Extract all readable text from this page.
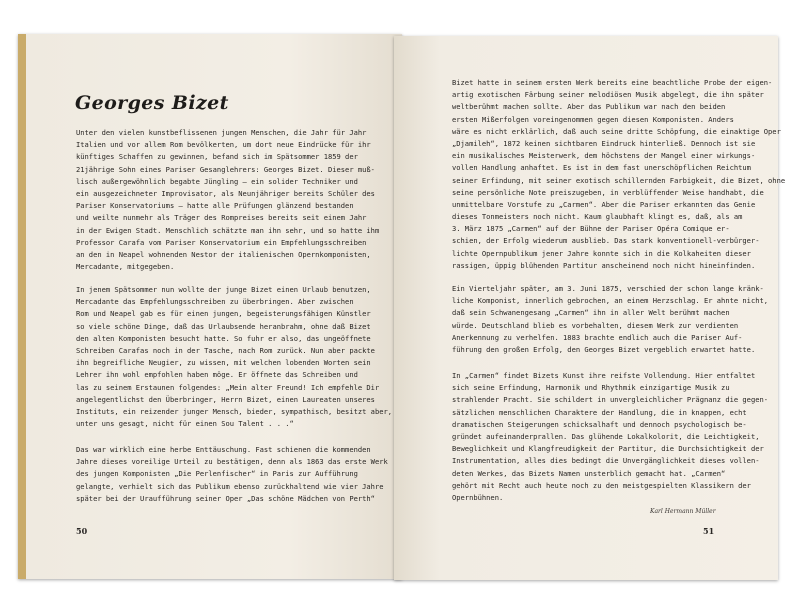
Georges Bizet
Unter den vielen kunstbeflissenen jungen Menschen, die Jahr für Jahr
Italien und vor allem Rom bevölkerten, um dort neue Eindrücke für ihr
künftiges Schaffen zu gewinnen, befand sich im Spätsommer 1859 der
21jährige Sohn eines Pariser Gesanglehrers: Georges Bizet. Dieser muß-
lisch außergewöhnlich begabte Jüngling — ein solider Techniker und
ein ausgezeichneter Improvisator, als Neunjähriger bereits Schüler des
Pariser Konservatoriums — hatte alle Prüfungen glänzend bestanden
und weilte nunmehr als Träger des Rompreises bereits seit einem Jahr
in der Ewigen Stadt. Menschlich schätzte man ihn sehr, und so hatte ihm
Professor Carafa vom Pariser Konservatorium ein Empfehlungsschreiben
an den in Neapel wohnenden Nestor der italienischen Opernkomponisten,
Mercadante, mitgegeben.
In jenem Spätsommer nun wollte der junge Bizet einen Urlaub benutzen,
Mercadante das Empfehlungsschreiben zu überbringen. Aber zwischen
Rom und Neapel gab es für einen jungen, begeisterungsfähigen Künstler
so viele schöne Dinge, daß das Urlaubsende heranbrahm, ohne daß Bizet
den alten Komponisten besucht hatte. So fuhr er also, das ungeöffnete
Schreiben Carafas noch in der Tasche, nach Rom zurück. Nun aber packte
ihn begreifliche Neugier, zu wissen, mit welchen lobenden Worten sein
Lehrer ihn wohl empfohlen haben möge. Er öffnete das Schreiben und
las zu seinem Erstaunen folgendes: „Mein alter Freund! Ich empfehle Dir
angelegentlichst den Überbringer, Herrn Bizet, einen Laureaten unseres
Instituts, ein reizender junger Mensch, bieder, sympathisch, besitzt aber,
unter uns gesagt, nicht für einen Sou Talent . . .“
Das war wirklich eine herbe Enttäuschung. Fast schienen die kommenden
Jahre dieses voreilige Urteil zu bestätigen, denn als 1863 das erste Werk
des jungen Komponisten „Die Perlenfischer“ in Paris zur Aufführung
gelangte, verhielt sich das Publikum ebenso zurückhaltend wie vier Jahre
später bei der Uraufführung seiner Oper „Das schöne Mädchen von Perth“
Bizet hatte in seinem ersten Werk bereits eine beachtliche Probe der eigen-
artig exotischen Färbung seiner melodiösen Musik abgelegt, die ihn später
weltberühmt machen sollte. Aber das Publikum war nach den beiden
ersten Mißerfolgen voreingenommen gegen diesen Komponisten. Anders
wäre es nicht erklärlich, daß auch seine dritte Schöpfung, die einaktige Oper
„Djamileh“, 1872 keinen sichtbaren Eindruck hinterließ. Dennoch ist sie
ein musikalisches Meisterwerk, dem höchstens der Mangel einer wirkungs-
vollen Handlung anhaftet. Es ist in dem fast unerschöpflichen Reichtum
seiner Erfindung, mit seiner exotisch schillernden Farbigkeit, die Bizet, ohne
seine persönliche Note preiszugeben, in verblüffender Weise handhabt, die
unmittelbare Vorstufe zu „Carmen“. Aber die Pariser erkannten das Genie
dieses Tonmeisters noch nicht. Kaum glaubhaft klingt es, daß, als am
3. März 1875 „Carmen“ auf der Bühne der Pariser Opéra Comique er-
schien, der Erfolg wiederum ausblieb. Das stark konventionell-verbürger-
lichte Opernpublikum jener Jahre konnte sich in die Kolkaheiten dieser
rassigen, üppig blühenden Partitur anscheinend noch nicht hineinfinden.
Ein Vierteljahr später, am 3. Juni 1875, verschied der schon lange kränk-
liche Komponist, innerlich gebrochen, an einem Herzschlag. Er ahnte nicht,
daß sein Schwanengesang „Carmen“ ihn in aller Welt berühmt machen
würde. Deutschland blieb es vorbehalten, diesem Werk zur verdienten
Anerkennung zu verhelfen. 1883 brachte endlich auch die Pariser Auf-
führung den großen Erfolg, den Georges Bizet vergeblich erwartet hatte.
In „Carmen“ findet Bizets Kunst ihre reifste Vollendung. Hier entfaltet
sich seine Erfindung, Harmonik und Rhythmik einzigartige Musik zu
strahlender Pracht. Sie schildert in unvergleichlicher Prägnanz die gegen-
sätzlichen menschlichen Charaktere der Handlung, die in knappen, echt
dramatischen Steigerungen schicksalhaft und dennoch psychologisch be-
gründet aufeinanderprallen. Das glühende Lokalkolorit, die Leichtigkeit,
Beweglichkeit und Klangfreudigkeit der Partitur, die Durchsichtigkeit der
Instrumentation, alles dies bedingt die Unvergänglichkeit dieses vollen-
deten Werkes, das Bizets Namen unsterblich gemacht hat. „Carmen“
gehört mit Recht auch heute noch zu den meistgespielten Klassikern der
Opernbühnen.
Karl Hermann Müller
50	51
